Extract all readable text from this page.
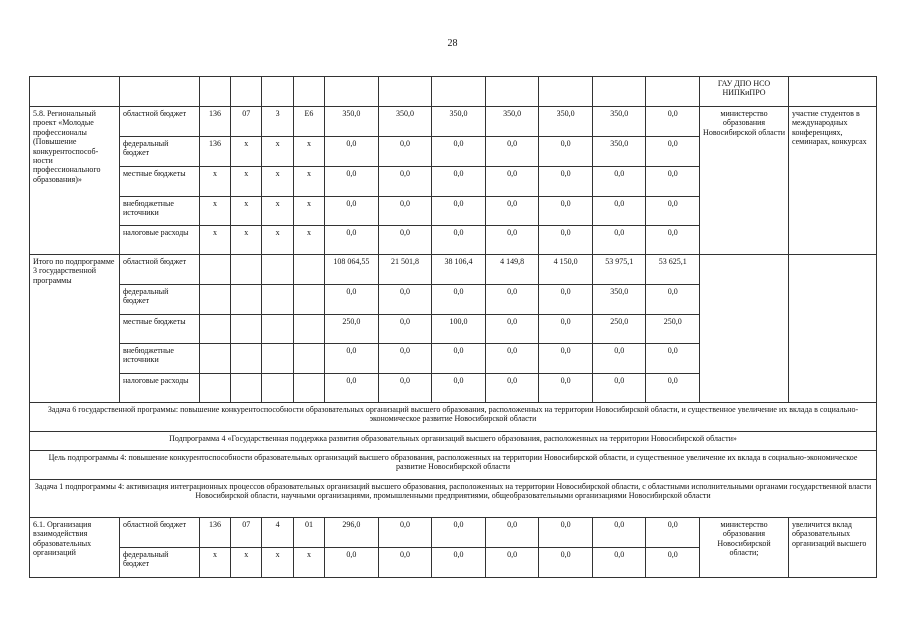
28
													ГАУ ДПО НСО НИПКиПРО	
5.8. Региональный проект «Молодые профессионалы (Повышение конкурентоспособ-ности профессионального образования)»	областной бюджет	136	07	3	Е6	350,0	350,0	350,0	350,0	350,0	350,0	0,0	министерство образования Новосибирской области	участие студентов в международных конференциях, семинарах, конкурсах
	федеральный бюджет	136	х	х	х	0,0	0,0	0,0	0,0	0,0	350,0	0,0		
	местные бюджеты	х	х	х	х	0,0	0,0	0,0	0,0	0,0	0,0	0,0		
	внебюджетные источники	х	х	х	х	0,0	0,0	0,0	0,0	0,0	0,0	0,0		
	налоговые расходы	х	х	х	х	0,0	0,0	0,0	0,0	0,0	0,0	0,0		
Итого по подпрограмме 3 государственной программы	областной бюджет					108 064,55	21 501,8	38 106,4	4 149,8	4 150,0	53 975,1	53 625,1		
	федеральный бюджет					0,0	0,0	0,0	0,0	0,0	350,0	0,0		
	местные бюджеты					250,0	0,0	100,0	0,0	0,0	250,0	250,0		
	внебюджетные источники					0,0	0,0	0,0	0,0	0,0	0,0	0,0		
	налоговые расходы					0,0	0,0	0,0	0,0	0,0	0,0	0,0		
Задача 6 государственной программы: повышение конкурентоспособности образовательных организаций высшего образования, расположенных на территории Новосибирской области, и существенное увеличение их вклада в социально-экономическое развитие Новосибирской области														
Подпрограмма 4 «Государственная поддержка развития образовательных организаций высшего образования, расположенных на территории Новосибирской области»														
Цель подпрограммы 4: повышение конкурентоспособности образовательных организаций высшего образования, расположенных на территории Новосибирской области, и существенное увеличение их вклада в социально-экономическое развитие Новосибирской области														
Задача 1 подпрограммы 4: активизация интеграционных процессов образовательных организаций высшего образования, расположенных на территории Новосибирской области, с областными исполнительными органами государственной власти Новосибирской области, научными организациями, промышленными предприятиями, общеобразовательными организациями Новосибирской области														
6.1. Организация взаимодействия образовательных организаций	областной бюджет	136	07	4	01	296,0	0,0	0,0	0,0	0,0	0,0	0,0	министерство образования Новосибирской области;	увеличится вклад образовательных организаций высшего
	федеральный бюджет	х	х	х	х	0,0	0,0	0,0	0,0	0,0	0,0	0,0		
